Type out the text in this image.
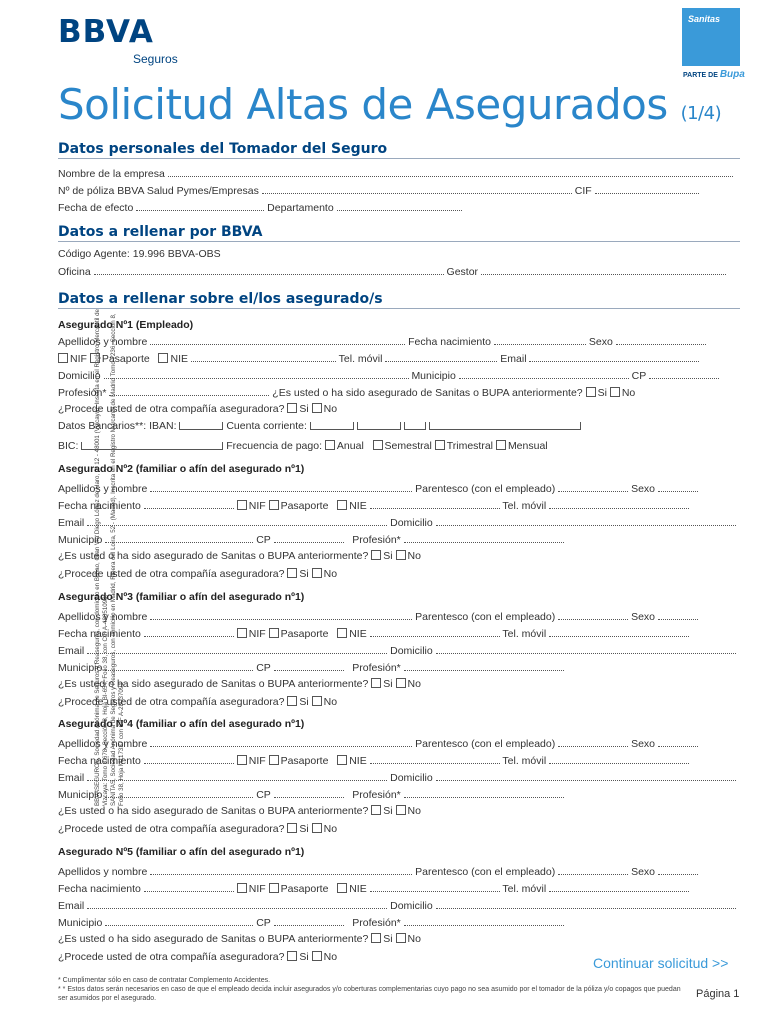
BBVA
Seguros
Sanitas
PARTE DE Bupa
Solicitud Altas de Asegurados (1/4)
BBVASEGUROS, Sociedad Anónima de Seguros y Reaseguros, con domicilio en Bilbao, Gran Vía Diego López de Haro, nº 12 - 48001 (Vizcaya). Inscrita en el Registro Mercantil de Vizcaya: Tomo 3.678, Sección 8, Hoja BI-654, Folio 38, con CIF A-48051098. SANITAS, Sociedad Anónima de Seguros y Reaseguros, con domicilio en Madrid, Ribera del Loira, 52 - (Madrid). Inscrita en el Registro Mercantil de Madrid Tomo 7236, Sección 8, Folio 38, Hoja M117337 con CIF A-28037091
Datos personales del Tomador del Seguro
Nombre de la empresa
Nº de póliza BBVA Salud Pymes/Empresas	CIF
Fecha de efecto	Departamento
Datos a rellenar por BBVA
Código Agente: 19.996 BBVA-OBS
Oficina	Gestor
Datos a rellenar sobre el/los asegurado/s
Asegurado Nº1 (Empleado)
Apellidos y nombre	Fecha nacimiento	Sexo
NIF Pasaporte NIE	Tel. móvil	Email
Domicilio	Municipio	CP
Profesión*	¿Es usted o ha sido asegurado de Sanitas o BUPA anteriormente? Si No
¿Procede usted de otra compañía aseguradora? Si No
Datos Bancarios**: IBAN:	Cuenta corriente:
BIC:	Frecuencia de pago: Anual Semestral Trimestral Mensual
Asegurado Nº2 (familiar o afín del asegurado nº1)
Apellidos y nombre	Parentesco (con el empleado)	Sexo
Fecha nacimiento	NIF Pasaporte NIE	Tel. móvil
Email	Domicilio
Municipio	CP	Profesión*
¿Es usted o ha sido asegurado de Sanitas o BUPA anteriormente? Si No
¿Procede usted de otra compañía aseguradora? Si No
Asegurado Nº3 (familiar o afín del asegurado nº1)
Apellidos y nombre	Parentesco (con el empleado)	Sexo
Fecha nacimiento	NIF Pasaporte NIE	Tel. móvil
Email	Domicilio
Municipio	CP	Profesión*
¿Es usted o ha sido asegurado de Sanitas o BUPA anteriormente? Si No
¿Procede usted de otra compañía aseguradora? Si No
Asegurado Nº4 (familiar o afín del asegurado nº1)
Apellidos y nombre	Parentesco (con el empleado)	Sexo
Fecha nacimiento	NIF Pasaporte NIE	Tel. móvil
Email	Domicilio
Municipio	CP	Profesión*
¿Es usted o ha sido asegurado de Sanitas o BUPA anteriormente? Si No
¿Procede usted de otra compañía aseguradora? Si No
Asegurado Nº5 (familiar o afín del asegurado nº1)
Apellidos y nombre	Parentesco (con el empleado)	Sexo
Fecha nacimiento	NIF Pasaporte NIE	Tel. móvil
Email	Domicilio
Municipio	CP	Profesión*
¿Es usted o ha sido asegurado de Sanitas o BUPA anteriormente? Si No
¿Procede usted de otra compañía aseguradora? Si No
* Cumplimentar sólo en caso de contratar Complemento Accidentes.
* * Estos datos serán necesarios en caso de que el empleado decida incluir asegurados y/o coberturas complementarias cuyo pago no sea asumido por el tomador de la póliza y/o copagos que puedan ser asumidos por el asegurado.
Continuar solicitud >>
Página 1
